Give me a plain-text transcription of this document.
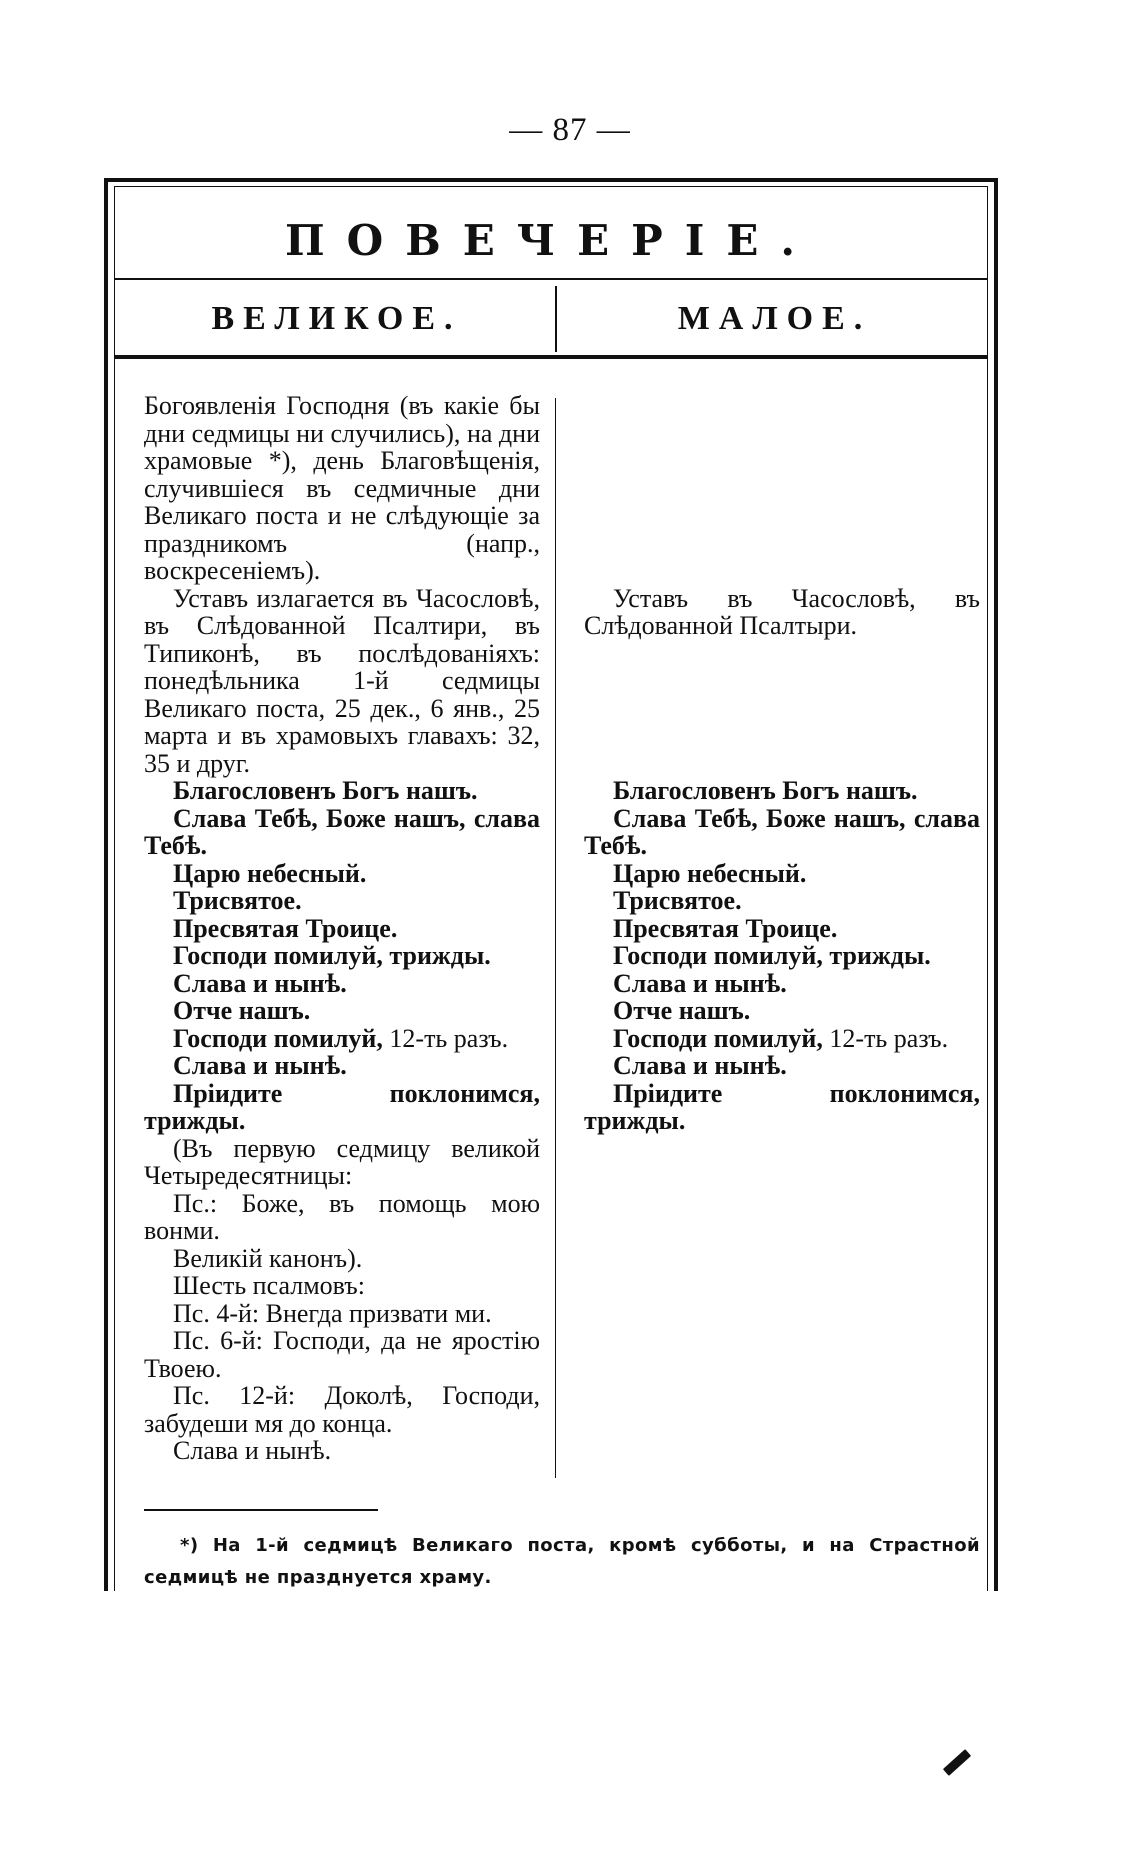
— 87 —
ПОВЕЧЕРІЕ.
ВЕЛИКОЕ.	МАЛОЕ.

Богоявленія Господня (въ какіе бы дни седмицы ни случились), на дни храмовые *), день Благовѣщенія, случившіеся въ седмичные дни Великаго поста и не слѣдующіе за праздникомъ (напр., воскресеніемъ).

Уставъ излагается въ Часословѣ, въ Слѣдованной Псалтири, въ Типиконѣ, въ послѣдованіяхъ: понедѣльника 1-й седмицы Великаго поста, 25 дек., 6 янв., 25 марта и въ храмовыхъ главахъ: 32, 35 и друг.

Благословенъ Богъ нашъ.

Слава Тебѣ, Боже нашъ, слава Тебѣ.

Царю небесный.

Трисвятое.

Пресвятая Троице.

Господи помилуй, трижды.

Слава и нынѣ.

Отче нашъ.

Господи помилуй, 12-ть разъ.

Слава и нынѣ.

Пріидите поклонимся, трижды.

(Въ первую седмицу великой Четыредесятницы:

Пс.: Боже, въ помощь мою вонми.

Великій канонъ).

Шесть псалмовъ:

Пс. 4-й: Внегда призвати ми.

Пс. 6-й: Господи, да не яростію Твоею.

Пс. 12-й: Доколѣ, Господи, забудеши мя до конца.

Слава и нынѣ.

Уставъ въ Часословѣ, въ Слѣдованной Псалтыри.

Благословенъ Богъ нашъ.

Слава Тебѣ, Боже нашъ, слава Тебѣ.

Царю небесный.

Трисвятое.

Пресвятая Троице.

Господи помилуй, трижды.

Слава и нынѣ.

Отче нашъ.

Господи помилуй, 12-ть разъ.

Слава и нынѣ.

Пріидите поклонимся, трижды.

*) На 1-й седмицѣ Великаго поста, кромѣ субботы, и на Страстной седмицѣ не празднуется храму.
